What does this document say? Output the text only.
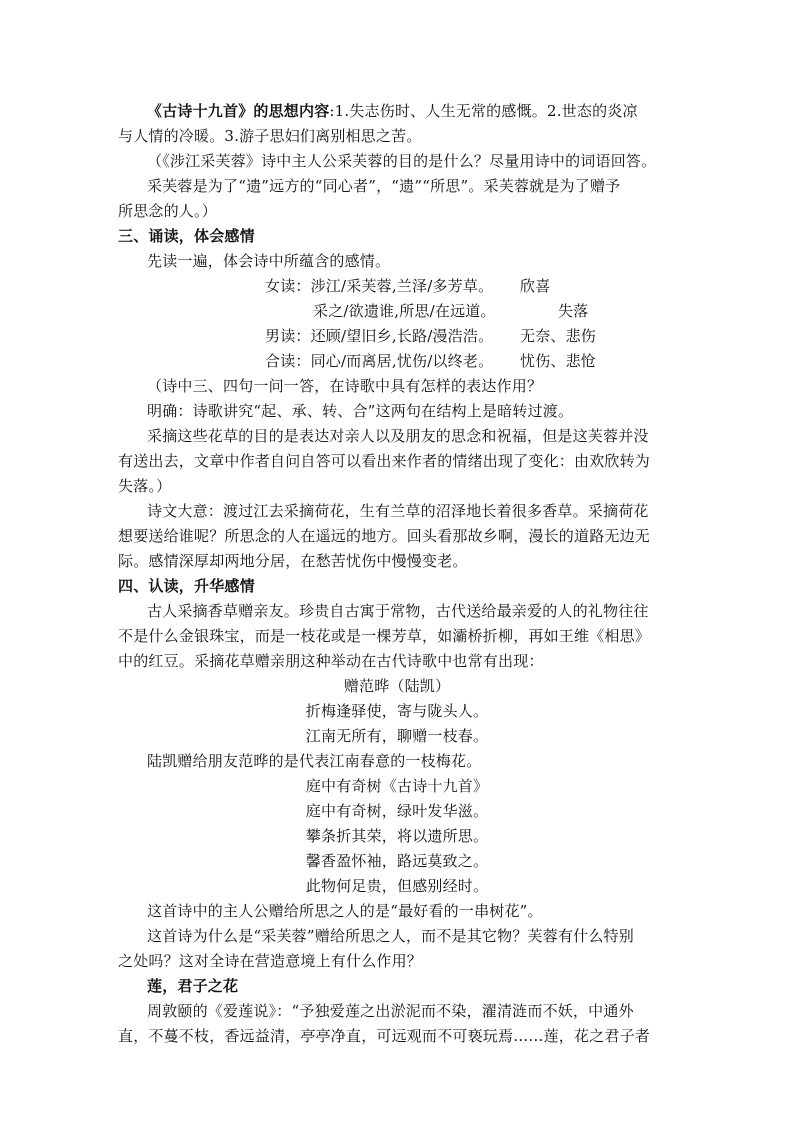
《古诗十九首》的思想内容:1.失志伤时、人生无常的感慨。2.世态的炎凉
与人情的冷暖。3.游子思妇们离别相思之苦。
（《涉江采芙蓉》诗中主人公采芙蓉的目的是什么？尽量用诗中的词语回答。
采芙蓉是为了“遗”远方的“同心者”，“遗”“所思”。采芙蓉就是为了赠予
所思念的人。）
三、诵读，体会感情
先读一遍，体会诗中所蕴含的感情。
女读：涉江/采芙蓉,兰泽/多芳草。 欣喜
采之/欲遗谁,所思/在远道。	失落
男读：还顾/望旧乡,长路/漫浩浩。 无奈、悲伤
合读：同心/而离居,忧伤/以终老。 忧伤、悲怆
（诗中三、四句一问一答，在诗歌中具有怎样的表达作用？
明确：诗歌讲究“起、承、转、合”这两句在结构上是暗转过渡。
采摘这些花草的目的是表达对亲人以及朋友的思念和祝福，但是这芙蓉并没
有送出去，文章中作者自问自答可以看出来作者的情绪出现了变化：由欢欣转为
失落。）
诗文大意：渡过江去采摘荷花，生有兰草的沼泽地长着很多香草。采摘荷花
想要送给谁呢？所思念的人在遥远的地方。回头看那故乡啊，漫长的道路无边无
际。感情深厚却两地分居，在愁苦忧伤中慢慢变老。
四、认读，升华感情
古人采摘香草赠亲友。珍贵自古寓于常物，古代送给最亲爱的人的礼物往往
不是什么金银珠宝，而是一枝花或是一棵芳草，如灞桥折柳，再如王维《相思》
中的红豆。采摘花草赠亲朋这种举动在古代诗歌中也常有出现：
赠范晔（陆凯）
折梅逢驿使，寄与陇头人。
江南无所有，聊赠一枝春。
陆凯赠给朋友范晔的是代表江南春意的一枝梅花。
庭中有奇树《古诗十九首》
庭中有奇树，绿叶发华滋。
攀条折其荣，将以遗所思。
馨香盈怀袖，路远莫致之。
此物何足贵，但感别经时。
这首诗中的主人公赠给所思之人的是“最好看的一串树花”。
这首诗为什么是“采芙蓉”赠给所思之人，而不是其它物？芙蓉有什么特别
之处吗？这对全诗在营造意境上有什么作用？
莲，君子之花
周敦颐的《爱莲说》：“予独爱莲之出淤泥而不染，濯清涟而不妖，中通外
直，不蔓不枝，香远益清，亭亭净直，可远观而不可亵玩焉……莲，花之君子者
